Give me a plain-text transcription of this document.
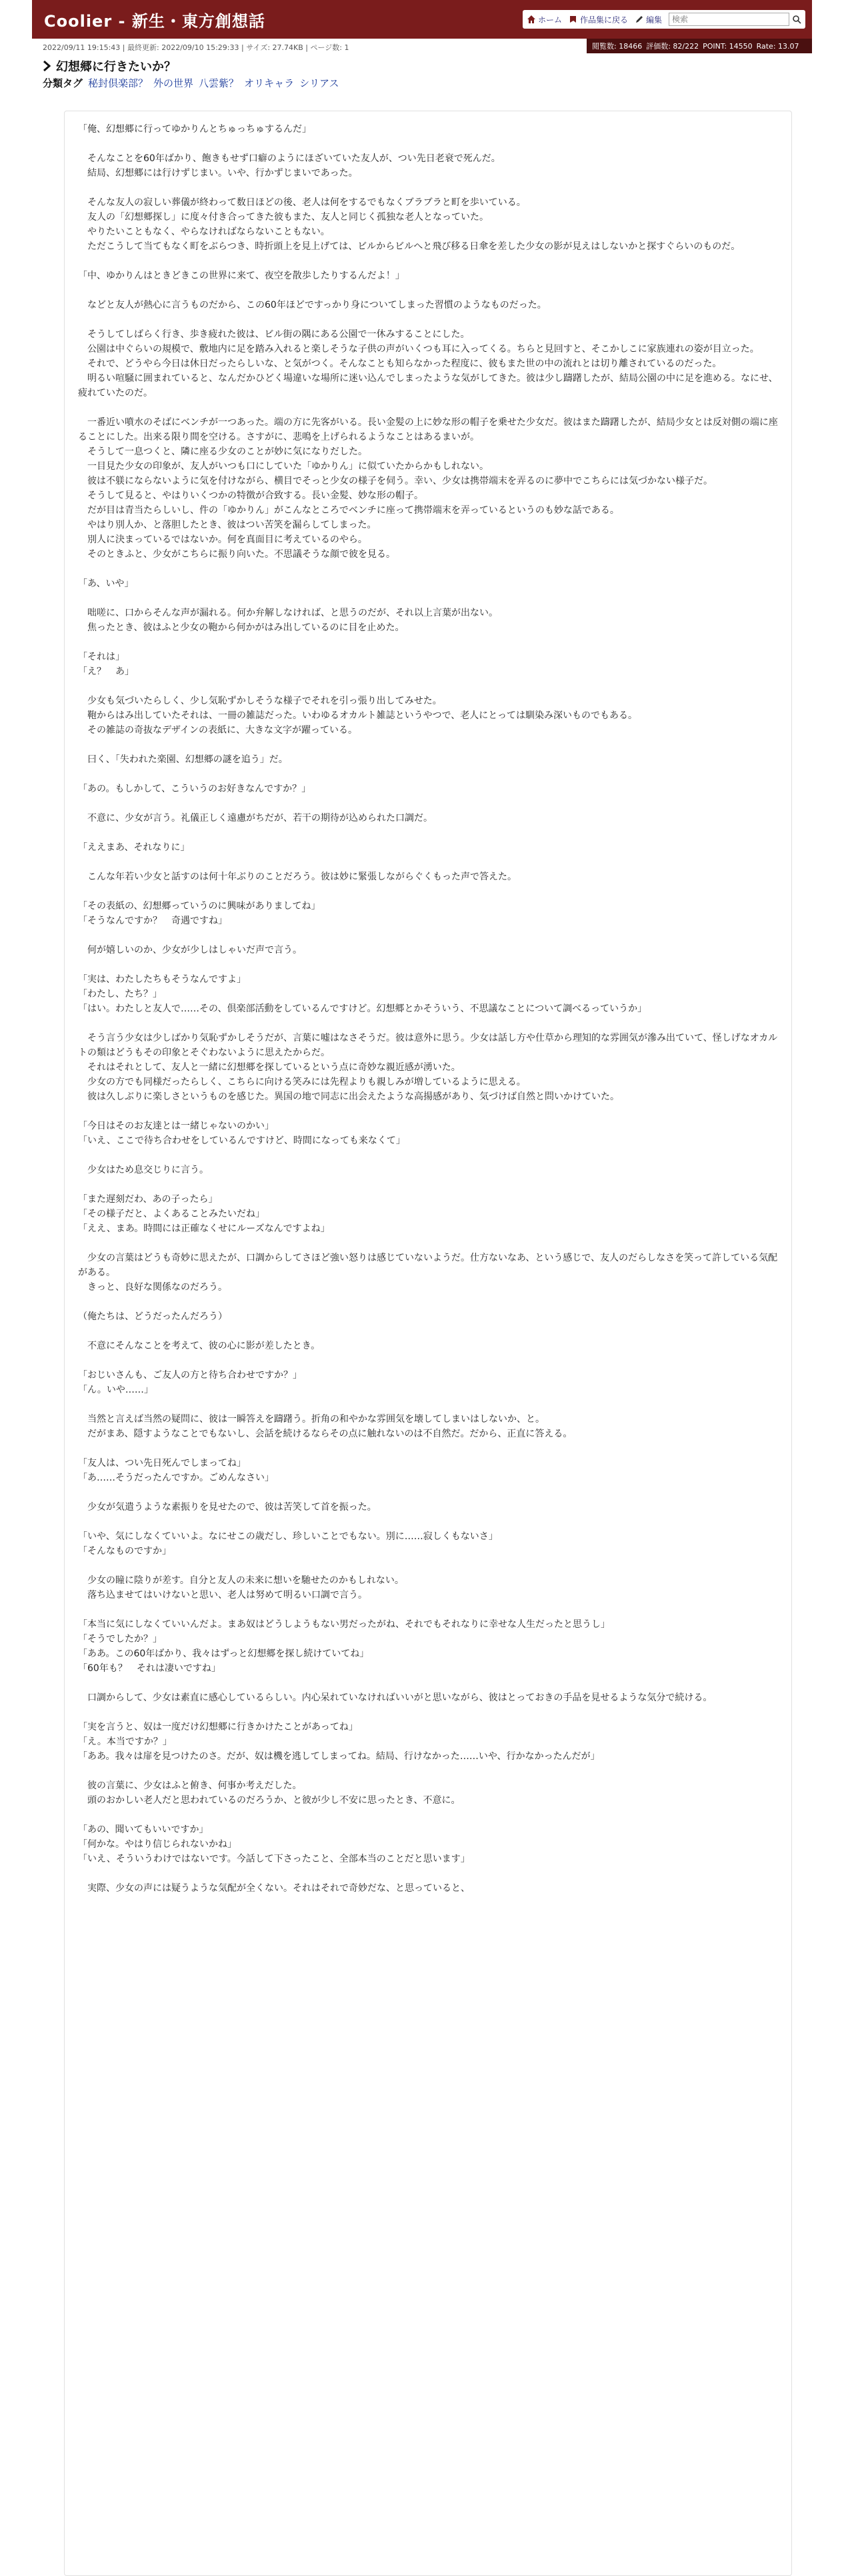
Coolier - 新生・東方創想話	ホーム 作品集に戻る 編集
検索
2022/09/11 19:15:43 | 最終更新: 2022/09/10 15:29:33 | サイズ: 27.74KB | ページ数: 1	閲覧数: 18466 評価数: 82/222 POINT: 14550 Rate: 13.07
幻想郷に行きたいか？
分類タグ 秘封倶楽部？ 外の世界 八雲紫？ オリキャラ シリアス

「俺、幻想郷に行ってゆかりんとちゅっちゅするんだ」

　そんなことを60年ばかり、飽きもせず口癖のようにほざいていた友人が、つい先日老衰で死んだ。

　結局、幻想郷には行けずじまい。いや、行かずじまいであった。

　そんな友人の寂しい葬儀が終わって数日ほどの後、老人は何をするでもなくブラブラと町を歩いている。

　友人の「幻想郷探し」に度々付き合ってきた彼もまた、友人と同じく孤独な老人となっていた。

　やりたいこともなく、やらなければならないこともない。

　ただこうして当てもなく町をぶらつき、時折頭上を見上げては、ビルからビルへと飛び移る日傘を差した少女の影が見えはしないかと探すぐらいのものだ。

「中、ゆかりんはときどきこの世界に来て、夜空を散歩したりするんだよ！」

　などと友人が熱心に言うものだから、この60年ほどですっかり身についてしまった習慣のようなものだった。

　そうしてしばらく行き、歩き疲れた彼は、ビル街の隅にある公園で一休みすることにした。

　公園は中ぐらいの規模で、敷地内に足を踏み入れると楽しそうな子供の声がいくつも耳に入ってくる。ちらと見回すと、そこかしこに家族連れの姿が目立った。

　それで、どうやら今日は休日だったらしいな、と気がつく。そんなことも知らなかった程度に、彼もまた世の中の流れとは切り離されているのだった。

　明るい喧騒に囲まれていると、なんだかひどく場違いな場所に迷い込んでしまったような気がしてきた。彼は少し躊躇したが、結局公園の中に足を進める。なにせ、疲れていたのだ。

　一番近い噴水のそばにベンチが一つあった。端の方に先客がいる。長い金髪の上に妙な形の帽子を乗せた少女だ。彼はまた躊躇したが、結局少女とは反対側の端に座ることにした。出来る限り間を空ける。さすがに、悲鳴を上げられるようなことはあるまいが。

　そうして一息つくと、隣に座る少女のことが妙に気になりだした。

　一目見た少女の印象が、友人がいつも口にしていた「ゆかりん」に似ていたからかもしれない。

　彼は不躾にならないように気を付けながら、横目でそっと少女の様子を伺う。幸い、少女は携帯端末を弄るのに夢中でこちらには気づかない様子だ。

　そうして見ると、やはりいくつかの特徴が合致する。長い金髪、妙な形の帽子。

　だが目は青当たらしいし、件の「ゆかりん」がこんなところでベンチに座って携帯端末を弄っているというのも妙な話である。

　やはり別人か、と落胆したとき、彼はつい苦笑を漏らしてしまった。

　別人に決まっているではないか。何を真面目に考えているのやら。

　そのときふと、少女がこちらに振り向いた。不思議そうな顔で彼を見る。

「あ、いや」

　咄嗟に、口からそんな声が漏れる。何か弁解しなければ、と思うのだが、それ以上言葉が出ない。

　焦ったとき、彼はふと少女の鞄から何かがはみ出しているのに目を止めた。

「それは」

「え？　あ」

　少女も気づいたらしく、少し気恥ずかしそうな様子でそれを引っ張り出してみせた。

　鞄からはみ出していたそれは、一冊の雑誌だった。いわゆるオカルト雑誌というやつで、老人にとっては馴染み深いものでもある。

　その雑誌の奇抜なデザインの表紙に、大きな文字が躍っている。

　曰く、「失われた楽園、幻想郷の謎を追う」だ。

「あの。もしかして、こういうのお好きなんですか？」

　不意に、少女が言う。礼儀正しく遠慮がちだが、若干の期待が込められた口調だ。

「ええまあ、それなりに」

　こんな年若い少女と話すのは何十年ぶりのことだろう。彼は妙に緊張しながらぐくもった声で答えた。

「その表紙の、幻想郷っていうのに興味がありましてね」

「そうなんですか？　奇遇ですね」

　何が嬉しいのか、少女が少しはしゃいだ声で言う。

「実は、わたしたちもそうなんですよ」

「わたし、たち？」

「はい。わたしと友人で……その、倶楽部活動をしているんですけど。幻想郷とかそういう、不思議なことについて調べるっていうか」

　そう言う少女は少しばかり気恥ずかしそうだが、言葉に嘘はなさそうだ。彼は意外に思う。少女は話し方や仕草から理知的な雰囲気が滲み出ていて、怪しげなオカルトの類はどうもその印象とそぐわないように思えたからだ。

　それはそれとして、友人と一緒に幻想郷を探しているという点に奇妙な親近感が湧いた。

　少女の方でも同様だったらしく、こちらに向ける笑みには先程よりも親しみが増しているように思える。

　彼は久しぶりに楽しさというものを感じた。異国の地で同志に出会えたような高揚感があり、気づけば自然と問いかけていた。

「今日はそのお友達とは一緒じゃないのかい」

「いえ、ここで待ち合わせをしているんですけど、時間になっても来なくて」

　少女はため息交じりに言う。

「また遅刻だわ、あの子ったら」

「その様子だと、よくあることみたいだね」

「ええ、まあ。時間には正確なくせにルーズなんですよね」

　少女の言葉はどうも奇妙に思えたが、口調からしてさほど強い怒りは感じていないようだ。仕方ないなあ、という感じで、友人のだらしなさを笑って許している気配がある。

　きっと、良好な関係なのだろう。

（俺たちは、どうだったんだろう）

　不意にそんなことを考えて、彼の心に影が差したとき。

「おじいさんも、ご友人の方と待ち合わせですか？」

「ん。いや……」

　当然と言えば当然の疑問に、彼は一瞬答えを躊躇う。折角の和やかな雰囲気を壊してしまいはしないか、と。

　だがまあ、隠すようなことでもないし、会話を続けるならその点に触れないのは不自然だ。だから、正直に答える。

「友人は、つい先日死んでしまってね」

「あ……そうだったんですか。ごめんなさい」

　少女が気遣うような素振りを見せたので、彼は苦笑して首を振った。

「いや、気にしなくていいよ。なにせこの歳だし、珍しいことでもない。別に……寂しくもないさ」

「そんなものですか」

　少女の瞳に陰りが差す。自分と友人の未来に想いを馳せたのかもしれない。

　落ち込ませてはいけないと思い、老人は努めて明るい口調で言う。

「本当に気にしなくていいんだよ。まあ奴はどうしようもない男だったがね、それでもそれなりに幸せな人生だったと思うし」

「そうでしたか？」

「ああ。この60年ばかり、我々はずっと幻想郷を探し続けていてね」

「60年も？　それは凄いですね」

　口調からして、少女は素直に感心しているらしい。内心呆れていなければいいがと思いながら、彼はとっておきの手品を見せるような気分で続ける。

「実を言うと、奴は一度だけ幻想郷に行きかけたことがあってね」

「え。本当ですか？」

「ああ。我々は扉を見つけたのさ。だが、奴は機を逃してしまってね。結局、行けなかった……いや、行かなかったんだが」

　彼の言葉に、少女はふと俯き、何事か考えだした。

　頭のおかしい老人だと思われているのだろうか、と彼が少し不安に思ったとき、不意に。

「あの、聞いてもいいですか」

「何かな。やはり信じられないかね」

「いえ、そういうわけではないです。今話して下さったこと、全部本当のことだと思います」

　実際、少女の声には疑うような気配が全くない。それはそれで奇妙だな、と思っていると、
